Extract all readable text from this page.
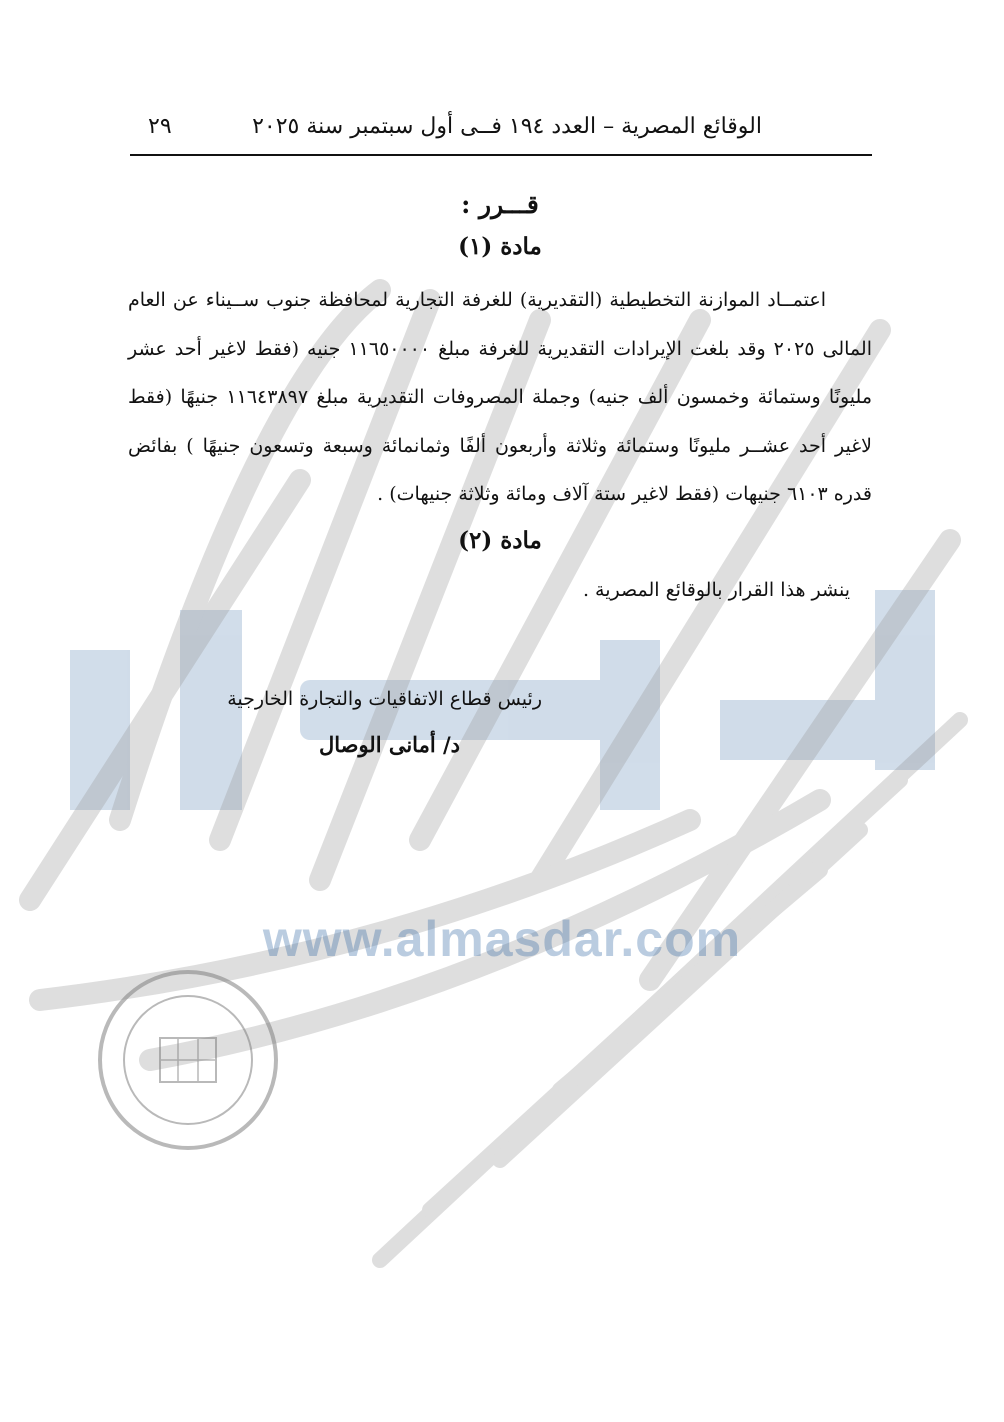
www.almasdar.com
الوقائع المصرية – العدد ١٩٤ فــى أول سبتمبر سنة ٢٠٢٥
٢٩
قـــرر :
مادة (١)

اعتمــاد الموازنة التخطيطية (التقديرية) للغرفة التجارية لمحافظة جنوب ســيناء عن العام المالى ٢٠٢٥ وقد بلغت الإيرادات التقديرية للغرفة مبلغ ١١٦٥٠٠٠٠ جنيه (فقط لاغير أحد عشر مليونًا وستمائة وخمسون ألف جنيه) وجملة المصروفات التقديرية مبلغ ١١٦٤٣٨٩٧ جنيهًا (فقط لاغير أحد عشــر مليونًا وستمائة وثلاثة وأربعون ألفًا وثمانمائة وسبعة وتسعون جنيهًا ) بفائض قدره ٦١٠٣ جنيهات (فقط لاغير ستة آلاف ومائة وثلاثة جنيهات) .

مادة (٢)

ينشر هذا القرار بالوقائع المصرية .

رئيس قطاع الاتفاقيات والتجارة الخارجية
د/ أمانى الوصال
